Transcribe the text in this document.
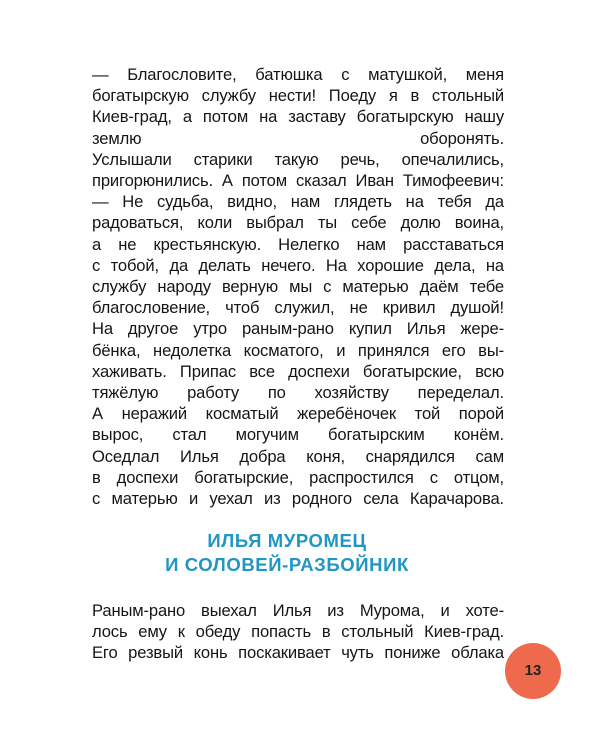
— Благословите, батюшка с матушкой, меня
богатырскую службу нести! Поеду я в стольный
Киев-град, а потом на заставу богатырскую нашу
землю оборонять.

Услышали старики такую речь, опечалились,
пригорюнились. А потом сказал Иван Тимофеевич:

— Не судьба, видно, нам глядеть на тебя да
радоваться, коли выбрал ты себе долю воина,
а не крестьянскую. Нелегко нам расставаться
с тобой, да делать нечего. На хорошие дела, на
службу народу верную мы с матерью даём тебе
благословение, чтоб служил, не кривил душой!

На другое утро раным-рано купил Илья жере-
бёнка, недолетка косматого, и принялся его вы-
хаживать. Припас все доспехи богатырские, всю
тяжёлую работу по хозяйству переделал.

А неражий косматый жеребёночек той порой
вырос, стал могучим богатырским конём.

Оседлал Илья добра коня, снарядился сам
в доспехи богатырские, распростился с отцом,
с матерью и уехал из родного села Карачарова.

ИЛЬЯ МУРОМЕЦ
И СОЛОВЕЙ-РАЗБОЙНИК

Раным-рано выехал Илья из Мурома, и хоте-
лось ему к обеду попасть в стольный Киев-град.
Его резвый конь поскакивает чуть пониже облака

13
